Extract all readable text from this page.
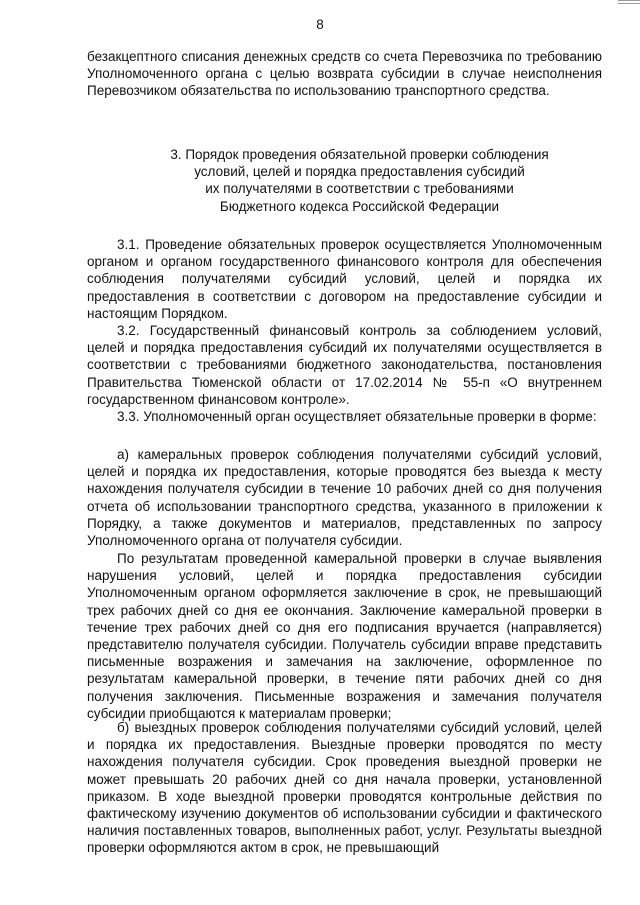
8
безакцептного списания денежных средств со счета Перевозчика по требованию Уполномоченного органа с целью возврата субсидии в случае неисполнения Перевозчиком обязательства по использованию транспортного средства.
3. Порядок проведения обязательной проверки соблюдения
условий, целей и порядка предоставления субсидий
их получателями в соответствии с требованиями
Бюджетного кодекса Российской Федерации
3.1. Проведение обязательных проверок осуществляется Уполномоченным органом и органом государственного финансового контроля для обеспечения соблюдения получателями субсидий условий, целей и порядка их предоставления в соответствии с договором на предоставление субсидии и настоящим Порядком.
3.2. Государственный финансовый контроль за соблюдением условий, целей и порядка предоставления субсидий их получателями осуществляется в соответствии с требованиями бюджетного законодательства, постановления Правительства Тюменской области от 17.02.2014 № 55-п «О внутреннем государственном финансовом контроле».
3.3. Уполномоченный орган осуществляет обязательные проверки в форме:
а) камеральных проверок соблюдения получателями субсидий условий, целей и порядка их предоставления, которые проводятся без выезда к месту нахождения получателя субсидии в течение 10 рабочих дней со дня получения отчета об использовании транспортного средства, указанного в приложении к Порядку, а также документов и материалов, представленных по запросу Уполномоченного органа от получателя субсидии.
По результатам проведенной камеральной проверки в случае выявления нарушения условий, целей и порядка предоставления субсидии Уполномоченным органом оформляется заключение в срок, не превышающий трех рабочих дней со дня ее окончания. Заключение камеральной проверки в течение трех рабочих дней со дня его подписания вручается (направляется) представителю получателя субсидии. Получатель субсидии вправе представить письменные возражения и замечания на заключение, оформленное по результатам камеральной проверки, в течение пяти рабочих дней со дня получения заключения. Письменные возражения и замечания получателя субсидии приобщаются к материалам проверки;
б) выездных проверок соблюдения получателями субсидий условий, целей и порядка их предоставления. Выездные проверки проводятся по месту нахождения получателя субсидии. Срок проведения выездной проверки не может превышать 20 рабочих дней со дня начала проверки, установленной приказом. В ходе выездной проверки проводятся контрольные действия по фактическому изучению документов об использовании субсидии и фактического наличия поставленных товаров, выполненных работ, услуг. Результаты выездной проверки оформляются актом в срок, не превышающий
